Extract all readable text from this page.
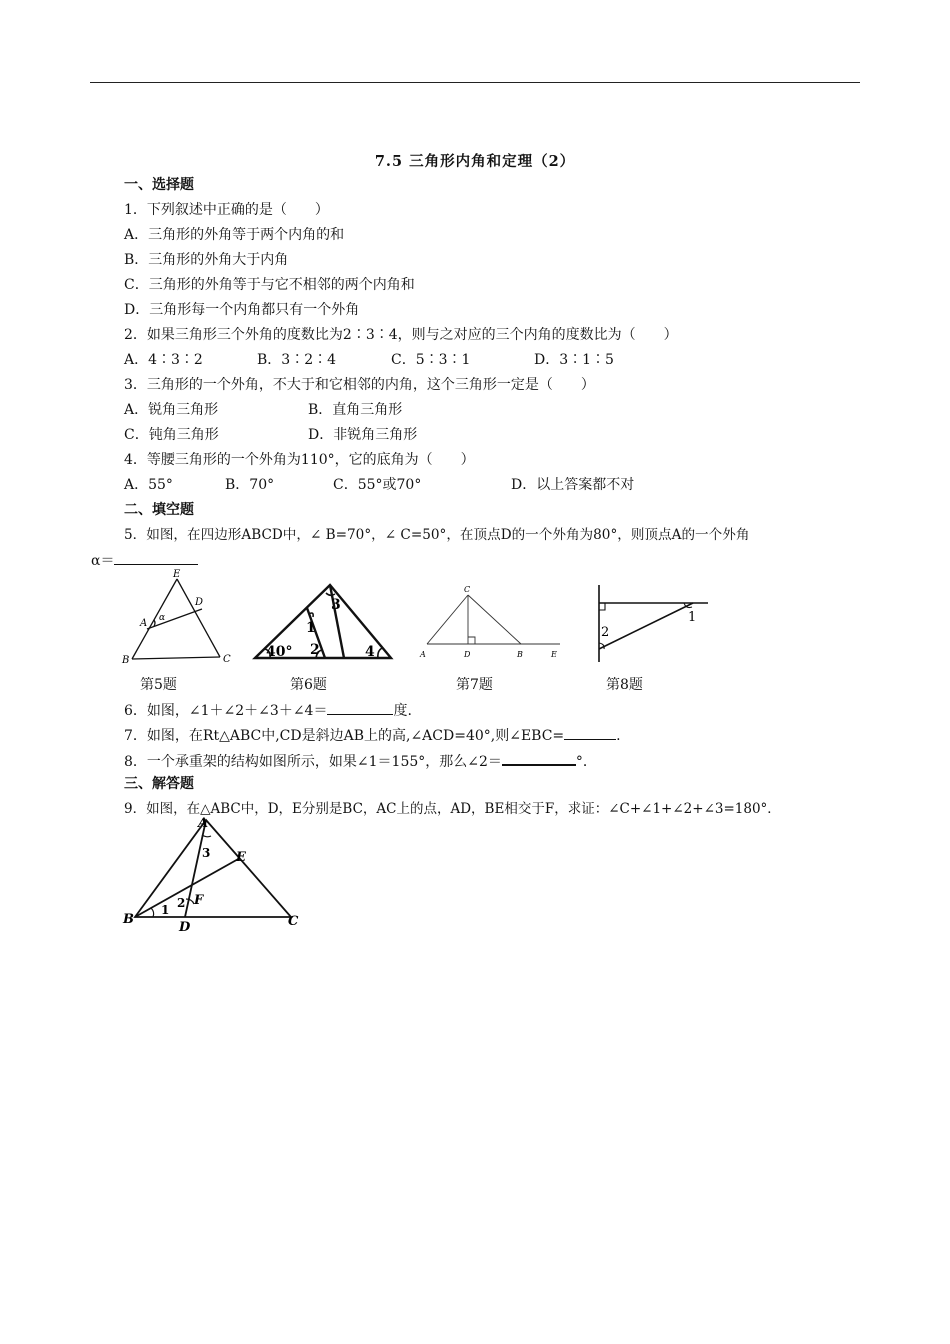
7.5 三角形内角和定理（2）
一、选择题
1．下列叙述中正确的是（　　）
A．三角形的外角等于两个内角的和
B．三角形的外角大于内角
C．三角形的外角等于与它不相邻的两个内角和
D．三角形每一个内角都只有一个外角
2．如果三角形三个外角的度数比为2∶3∶4，则与之对应的三个内角的度数比为（　　）
A．4∶3∶2	B．3∶2∶4	C．5∶3∶1	D．3∶1∶5
3．三角形的一个外角，不大于和它相邻的内角，这个三角形一定是（　　）
A．锐角三角形	B．直角三角形
C．钝角三角形	D．非锐角三角形
4．等腰三角形的一个外角为110°，它的底角为（　　）
A．55°	B．70°	C．55°或70°	D．以上答案都不对
二、填空题
5．如图，在四边形ABCD中，∠ B=70°，∠ C=50°，在顶点D的一个外角为80°，则顶点A的一个外角
α＝
E
D
A α
B	C
1
2
3
4
40°
C
A	D	B	E
1
2
第5题	第6题	第7题	第8题
6．如图，∠1＋∠2＋∠3＋∠4＝	度.
7．如图，在Rt△ABC中,CD是斜边AB上的高,∠ACD=40°,则∠EBC=	.
8．一个承重架的结构如图所示，如果∠1＝155°，那么∠2＝	°．
三、解答题
9．如图，在△ABC中，D，E分别是BC，AC上的点，AD，BE相交于F，求证：∠C+∠1+∠2+∠3=180°．
A
E
F
B
D	C
1 2
3
